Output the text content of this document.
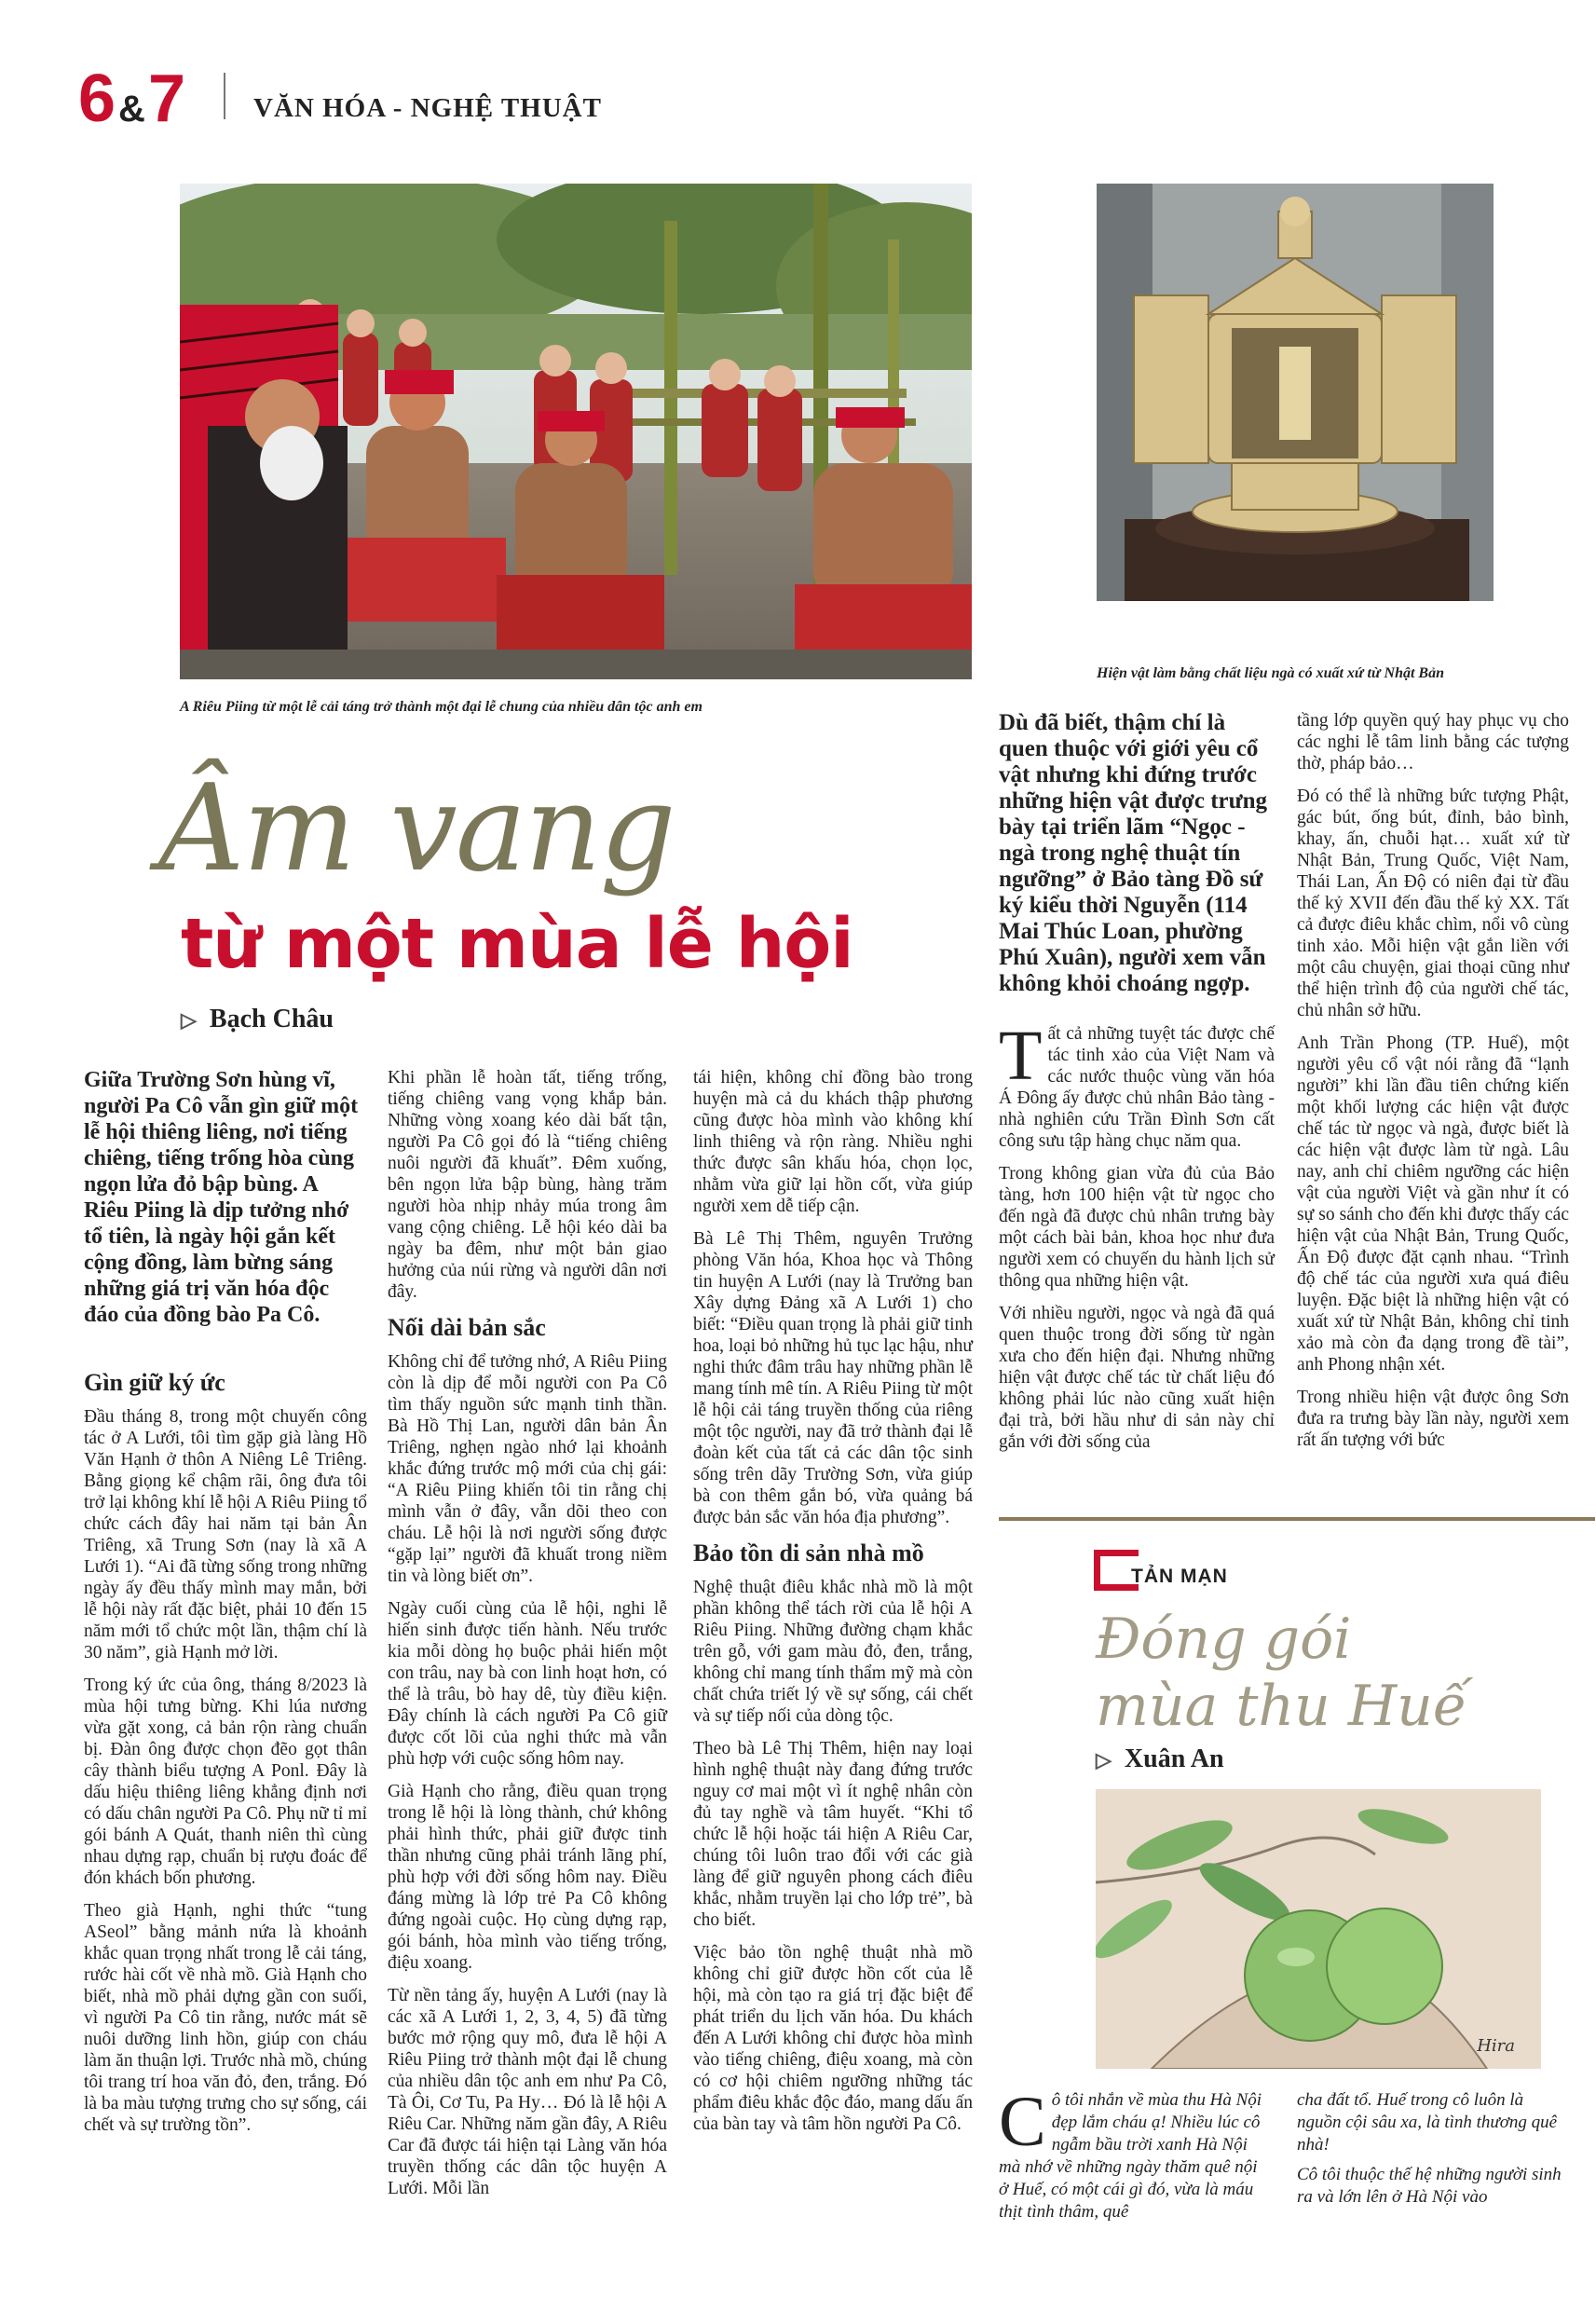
6 &7	VĂN HÓA - NGHỆ THUẬT
A Riêu Piing từ một lễ cải táng trở thành một đại lễ chung của nhiều dân tộc anh em
Hiện vật làm bằng chất liệu ngà có xuất xứ từ Nhật Bản
Âm vang
từ một mùa lễ hội
▷ Bạch Châu
Giữa Trường Sơn hùng vĩ, người Pa Cô vẫn gìn giữ một lễ hội thiêng liêng, nơi tiếng chiêng, tiếng trống hòa cùng ngọn lửa đỏ bập bùng. A Riêu Piing là dịp tưởng nhớ tổ tiên, là ngày hội gắn kết cộng đồng, làm bừng sáng những giá trị văn hóa độc đáo của đồng bào Pa Cô.
Gìn giữ ký ức

Đầu tháng 8, trong một chuyến công tác ở A Lưới, tôi tìm gặp già làng Hồ Văn Hạnh ở thôn A Niêng Lê Triêng. Bằng giọng kể chậm rãi, ông đưa tôi trở lại không khí lễ hội A Riêu Piing tổ chức cách đây hai năm tại bản Ân Triêng, xã Trung Sơn (nay là xã A Lưới 1). “Ai đã từng sống trong những ngày ấy đều thấy mình may mắn, bởi lễ hội này rất đặc biệt, phải 10 đến 15 năm mới tổ chức một lần, thậm chí là 30 năm”, già Hạnh mở lời.

Trong ký ức của ông, tháng 8/2023 là mùa hội tưng bừng. Khi lúa nương vừa gặt xong, cả bản rộn ràng chuẩn bị. Đàn ông được chọn đẽo gọt thân cây thành biểu tượng A Ponl. Đây là dấu hiệu thiêng liêng khẳng định nơi có dấu chân người Pa Cô. Phụ nữ tỉ mỉ gói bánh A Quát, thanh niên thì cùng nhau dựng rạp, chuẩn bị rượu đoác để đón khách bốn phương.

Theo già Hạnh, nghi thức “tung ASeol” bằng mảnh nứa là khoảnh khắc quan trọng nhất trong lễ cải táng, rước hài cốt về nhà mồ. Già Hạnh cho biết, nhà mồ phải dựng gần con suối, vì người Pa Cô tin rằng, nước mát sẽ nuôi dưỡng linh hồn, giúp con cháu làm ăn thuận lợi. Trước nhà mồ, chúng tôi trang trí hoa văn đỏ, đen, trắng. Đó là ba màu tượng trưng cho sự sống, cái chết và sự trường tồn”.

Khi phần lễ hoàn tất, tiếng trống, tiếng chiêng vang vọng khắp bản. Những vòng xoang kéo dài bất tận, người Pa Cô gọi đó là “tiếng chiêng nuôi người đã khuất”. Đêm xuống, bên ngọn lửa bập bùng, hàng trăm người hòa nhịp nhảy múa trong âm vang cộng chiêng. Lễ hội kéo dài ba ngày ba đêm, như một bản giao hưởng của núi rừng và người dân nơi đây.

Nối dài bản sắc

Không chỉ để tưởng nhớ, A Riêu Piing còn là dịp để mỗi người con Pa Cô tìm thấy nguồn sức mạnh tinh thần. Bà Hồ Thị Lan, người dân bản Ân Triêng, nghẹn ngào nhớ lại khoảnh khắc đứng trước mộ mới của chị gái: “A Riêu Piing khiến tôi tin rằng chị mình vẫn ở đây, vẫn dõi theo con cháu. Lễ hội là nơi người sống được “gặp lại” người đã khuất trong niềm tin và lòng biết ơn”.

Ngày cuối cùng của lễ hội, nghi lễ hiến sinh được tiến hành. Nếu trước kia mỗi dòng họ buộc phải hiến một con trâu, nay bà con linh hoạt hơn, có thể là trâu, bò hay dê, tùy điều kiện. Đây chính là cách người Pa Cô giữ được cốt lõi của nghi thức mà vẫn phù hợp với cuộc sống hôm nay.

Già Hạnh cho rằng, điều quan trọng trong lễ hội là lòng thành, chứ không phải hình thức, phải giữ được tinh thần nhưng cũng phải tránh lãng phí, phù hợp với đời sống hôm nay. Điều đáng mừng là lớp trẻ Pa Cô không đứng ngoài cuộc. Họ cùng dựng rạp, gói bánh, hòa mình vào tiếng trống, điệu xoang.

Từ nền tảng ấy, huyện A Lưới (nay là các xã A Lưới 1, 2, 3, 4, 5) đã từng bước mở rộng quy mô, đưa lễ hội A Riêu Piing trở thành một đại lễ chung của nhiều dân tộc anh em như Pa Cô, Tà Ôi, Cơ Tu, Pa Hy… Đó là lễ hội A Riêu Car. Những năm gần đây, A Riêu Car đã được tái hiện tại Làng văn hóa truyền thống các dân tộc huyện A Lưới. Mỗi lần

tái hiện, không chỉ đồng bào trong huyện mà cả du khách thập phương cũng được hòa mình vào không khí linh thiêng và rộn ràng. Nhiều nghi thức được sân khấu hóa, chọn lọc, nhằm vừa giữ lại hồn cốt, vừa giúp người xem dễ tiếp cận.

Bà Lê Thị Thêm, nguyên Trưởng phòng Văn hóa, Khoa học và Thông tin huyện A Lưới (nay là Trưởng ban Xây dựng Đảng xã A Lưới 1) cho biết: “Điều quan trọng là phải giữ tinh hoa, loại bỏ những hủ tục lạc hậu, như nghi thức đâm trâu hay những phần lễ mang tính mê tín. A Riêu Piing từ một lễ hội cải táng truyền thống của riêng một tộc người, nay đã trở thành đại lễ đoàn kết của tất cả các dân tộc sinh sống trên dãy Trường Sơn, vừa giúp bà con thêm gắn bó, vừa quảng bá được bản sắc văn hóa địa phương”.

Bảo tồn di sản nhà mồ

Nghệ thuật điêu khắc nhà mồ là một phần không thể tách rời của lễ hội A Riêu Piing. Những đường chạm khắc trên gỗ, với gam màu đỏ, đen, trắng, không chỉ mang tính thẩm mỹ mà còn chất chứa triết lý về sự sống, cái chết và sự tiếp nối của dòng tộc.

Theo bà Lê Thị Thêm, hiện nay loại hình nghệ thuật này đang đứng trước nguy cơ mai một vì ít nghệ nhân còn đủ tay nghề và tâm huyết. “Khi tổ chức lễ hội hoặc tái hiện A Riêu Car, chúng tôi luôn trao đổi với các già làng để giữ nguyên phong cách điêu khắc, nhằm truyền lại cho lớp trẻ”, bà cho biết.

Việc bảo tồn nghệ thuật nhà mồ không chỉ giữ được hồn cốt của lễ hội, mà còn tạo ra giá trị đặc biệt để phát triển du lịch văn hóa. Du khách đến A Lưới không chỉ được hòa mình vào tiếng chiêng, điệu xoang, mà còn có cơ hội chiêm ngưỡng những tác phẩm điêu khắc độc đáo, mang dấu ấn của bàn tay và tâm hồn người Pa Cô.

Dù đã biết, thậm chí là quen thuộc với giới yêu cổ vật nhưng khi đứng trước những hiện vật được trưng bày tại triển lãm “Ngọc - ngà trong nghệ thuật tín ngưỡng” ở Bảo tàng Đồ sứ ký kiểu thời Nguyễn (114 Mai Thúc Loan, phường Phú Xuân), người xem vẫn không khỏi choáng ngợp.

Tất cả những tuyệt tác được chế tác tinh xảo của Việt Nam và các nước thuộc vùng văn hóa Á Đông ấy được chủ nhân Bảo tàng - nhà nghiên cứu Trần Đình Sơn cất công sưu tập hàng chục năm qua.

Trong không gian vừa đủ của Bảo tàng, hơn 100 hiện vật từ ngọc cho đến ngà đã được chủ nhân trưng bày một cách bài bản, khoa học như đưa người xem có chuyến du hành lịch sử thông qua những hiện vật.

Với nhiều người, ngọc và ngà đã quá quen thuộc trong đời sống từ ngàn xưa cho đến hiện đại. Nhưng những hiện vật được chế tác từ chất liệu đó không phải lúc nào cũng xuất hiện đại trà, bởi hầu như di sản này chỉ gắn với đời sống của

tầng lớp quyền quý hay phục vụ cho các nghi lễ tâm linh bằng các tượng thờ, pháp bảo…

Đó có thể là những bức tượng Phật, gác bút, ống bút, đỉnh, bảo bình, khay, ấn, chuỗi hạt… xuất xứ từ Nhật Bản, Trung Quốc, Việt Nam, Thái Lan, Ấn Độ có niên đại từ đầu thế kỷ XVII đến đầu thế kỷ XX. Tất cả được điêu khắc chìm, nổi vô cùng tinh xảo. Mỗi hiện vật gắn liền với một câu chuyện, giai thoại cũng như thể hiện trình độ của người chế tác, chủ nhân sở hữu.

Anh Trần Phong (TP. Huế), một người yêu cổ vật nói rằng đã “lạnh người” khi lần đầu tiên chứng kiến một khối lượng các hiện vật được chế tác từ ngọc và ngà, được biết là các hiện vật được làm từ ngà. Lâu nay, anh chỉ chiêm ngưỡng các hiện vật của người Việt và gần như ít có sự so sánh cho đến khi được thấy các hiện vật của Nhật Bản, Trung Quốc, Ấn Độ được đặt cạnh nhau. “Trình độ chế tác của người xưa quá điêu luyện. Đặc biệt là những hiện vật có xuất xứ từ Nhật Bản, không chỉ tinh xảo mà còn đa dạng trong đề tài”, anh Phong nhận xét.

Trong nhiều hiện vật được ông Sơn đưa ra trưng bày lần này, người xem rất ấn tượng với bức

TẢN MẠN
Đóng gói
mùa thu Huế
▷ Xuân An
Hira

Cô tôi nhắn về mùa thu Hà Nội đẹp lắm cháu ạ! Nhiều lúc cô ngẫm bầu trời xanh Hà Nội mà nhớ về những ngày thăm quê nội ở Huế, có một cái gì đó, vừa là máu thịt tình thâm, quê

cha đất tổ. Huế trong cô luôn là nguồn cội sâu xa, là tình thương quê nhà!

Cô tôi thuộc thế hệ những người sinh ra và lớn lên ở Hà Nội vào
